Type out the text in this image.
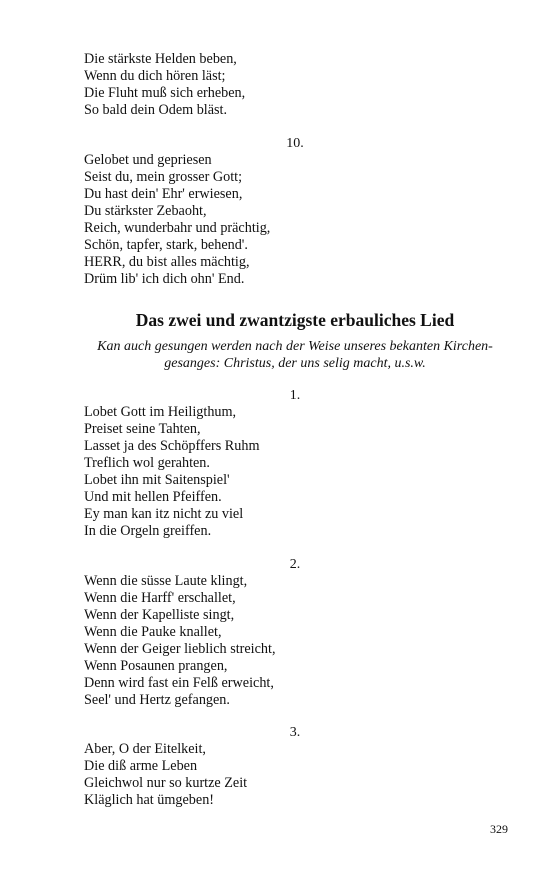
Die stärkste Helden beben,
Wenn du dich hören läst;
Die Fluht muß sich erheben,
So bald dein Odem bläst.
10.
Gelobet und gepriesen
Seist du, mein grosser Gott;
Du hast dein' Ehr' erwiesen,
Du stärkster Zebaoht,
Reich, wunderbahr und prächtig,
Schön, tapfer, stark, behend'.
HERR, du bist alles mächtig,
Drüm lib' ich dich ohn' End.
Das zwei und zwantzigste erbauliches Lied
Kan auch gesungen werden nach der Weise unseres bekanten Kirchen-
gesanges: Christus, der uns selig macht, u.s.w.
1.
Lobet Gott im Heiligthum,
Preiset seine Tahten,
Lasset ja des Schöpffers Ruhm
Treflich wol gerahten.
Lobet ihn mit Saitenspiel'
Und mit hellen Pfeiffen.
Ey man kan itz nicht zu viel
In die Orgeln greiffen.
2.
Wenn die süsse Laute klingt,
Wenn die Harff' erschallet,
Wenn der Kapelliste singt,
Wenn die Pauke knallet,
Wenn der Geiger lieblich streicht,
Wenn Posaunen prangen,
Denn wird fast ein Felß erweicht,
Seel' und Hertz gefangen.
3.
Aber, O der Eitelkeit,
Die diß arme Leben
Gleichwol nur so kurtze Zeit
Kläglich hat ümgeben!
329
